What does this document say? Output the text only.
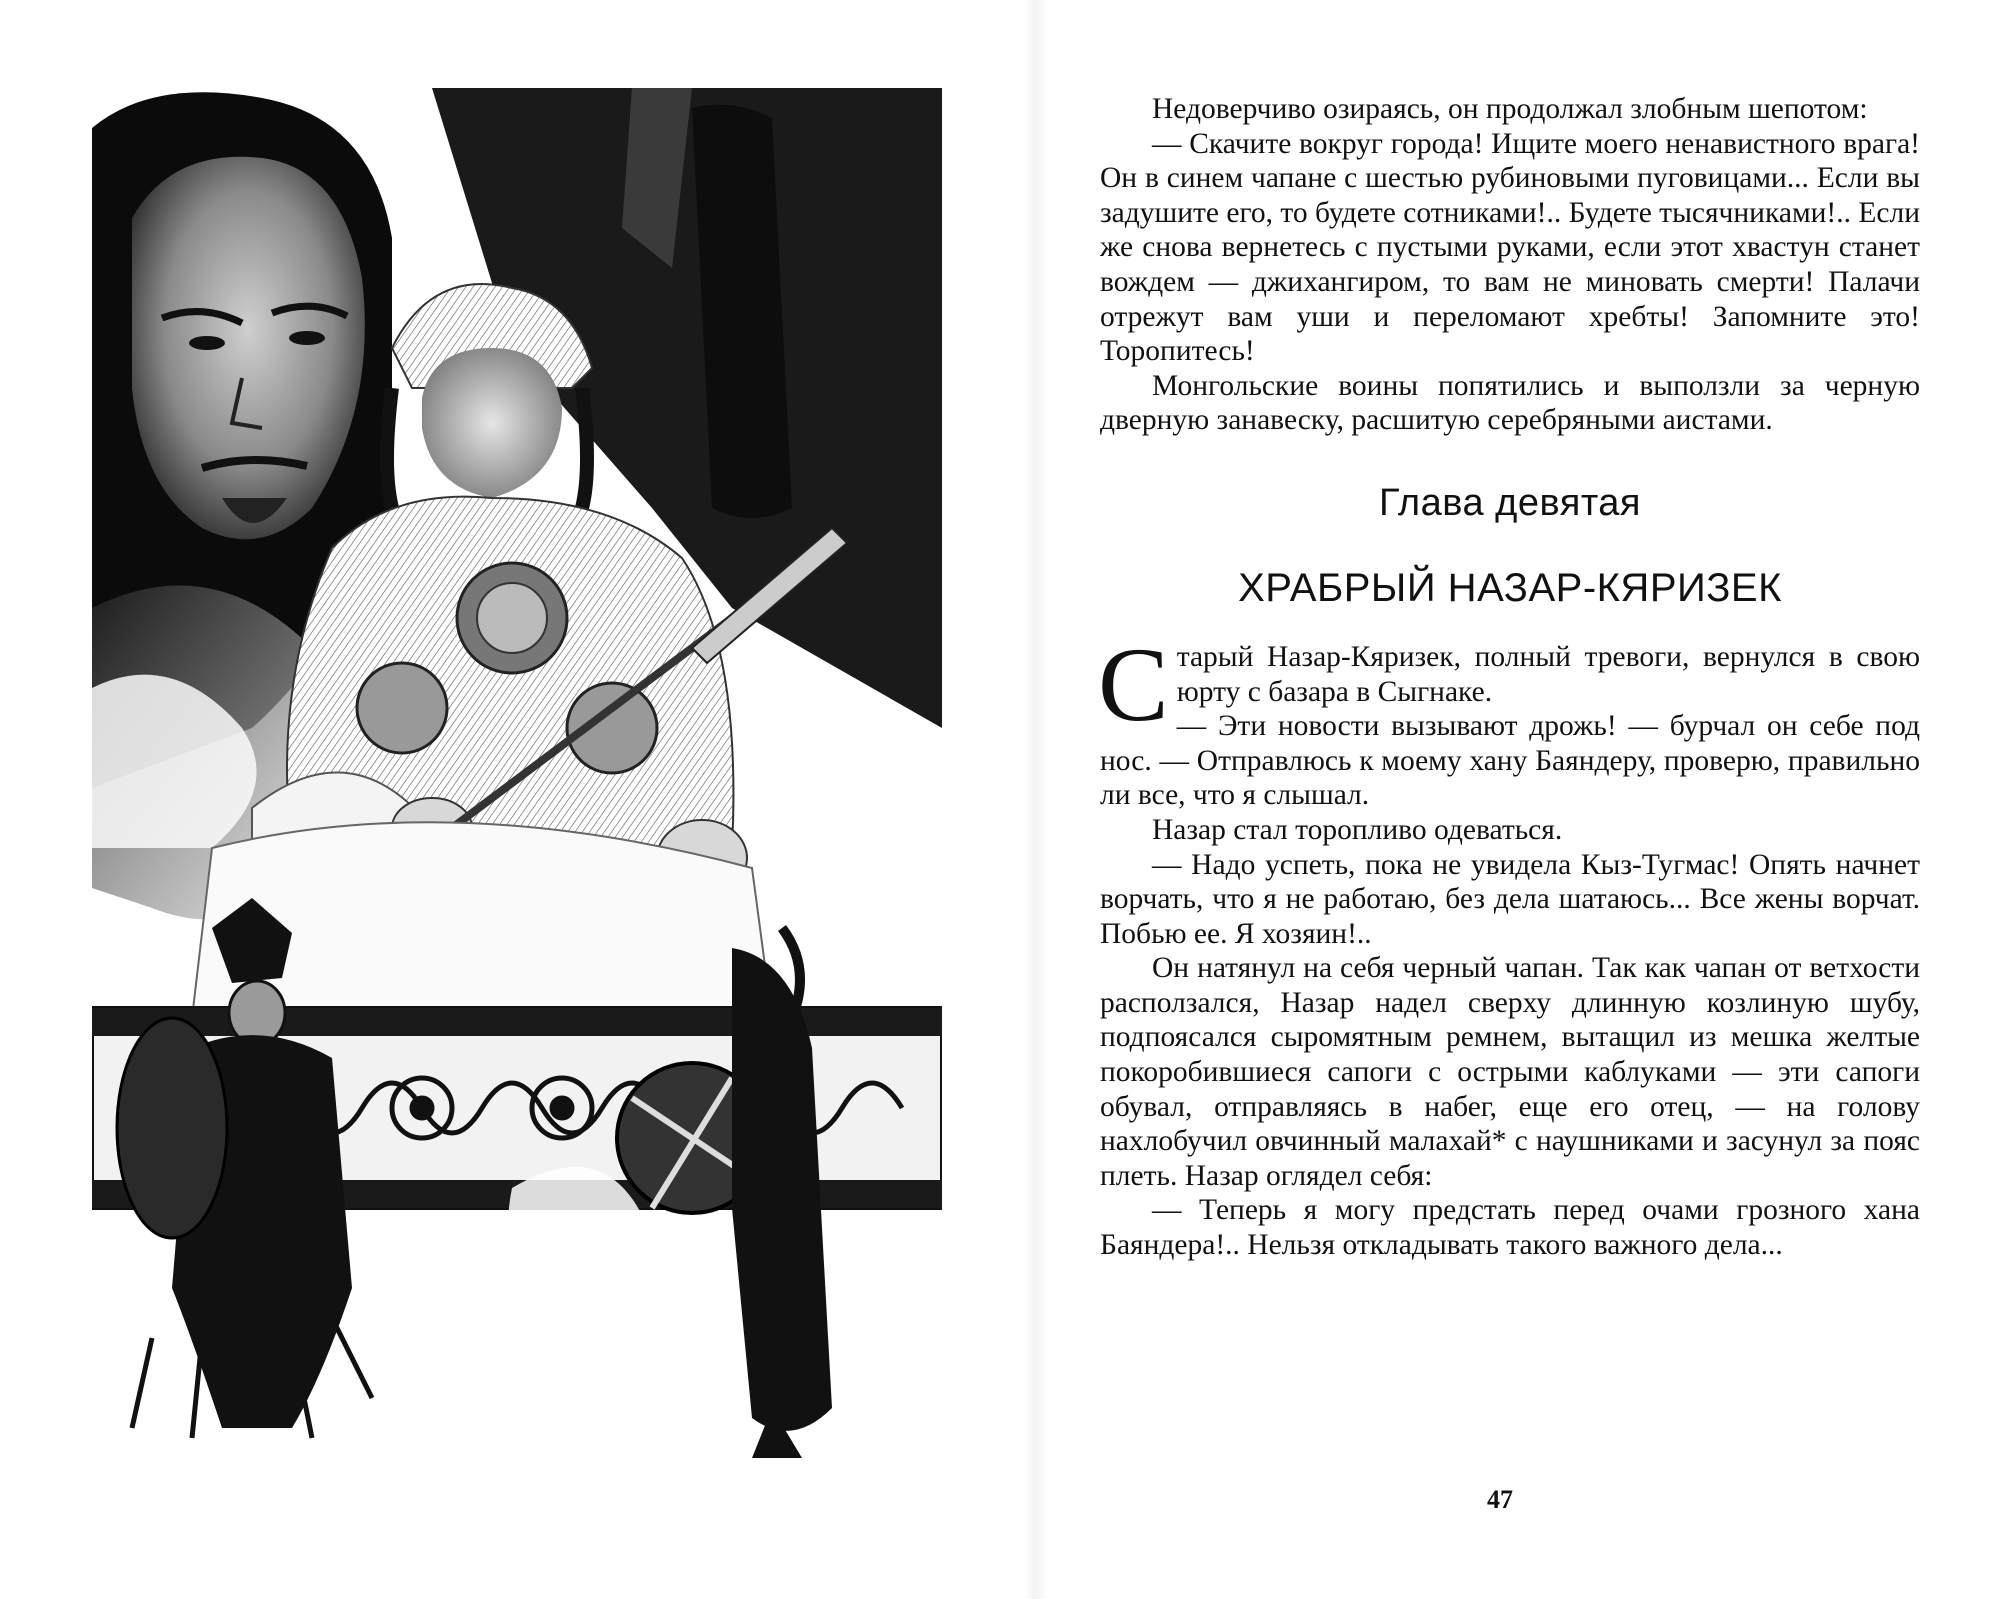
Недоверчиво озираясь, он продолжал злобным шепотом:

— Скачите вокруг города! Ищите моего ненавистного врага! Он в синем чапане с шестью рубиновыми пуговицами... Если вы задушите его, то будете сотниками!.. Будете тысячниками!.. Если же снова вернетесь с пустыми руками, если этот хвастун станет вождем — джихангиром, то вам не миновать смерти! Палачи отрежут вам уши и переломают хребты! Запомните это! Торопитесь!

Монгольские воины попятились и выползли за черную дверную занавеску, расшитую серебряными аистами.

Глава девятая
ХРАБРЫЙ НАЗАР-КЯРИЗЕК

Старый Назар-Кяризек, полный тревоги, вернулся в свою юрту с базара в Сыгнаке.

— Эти новости вызывают дрожь! — бурчал он себе под нос. — Отправлюсь к моему хану Баяндеру, проверю, правильно ли все, что я слышал.

Назар стал торопливо одеваться.

— Надо успеть, пока не увидела Кыз-Тугмас! Опять начнет ворчать, что я не работаю, без дела шатаюсь... Все жены ворчат. Побью ее. Я хозяин!..

Он натянул на себя черный чапан. Так как чапан от ветхости расползался, Назар надел сверху длинную козлиную шубу, подпоясался сыромятным ремнем, вытащил из мешка желтые покоробившиеся сапоги с острыми каблуками — эти сапоги обувал, отправляясь в набег, еще его отец, — на голову нахлобучил овчинный малахай* с наушниками и засунул за пояс плеть. Назар оглядел себя:

— Теперь я могу предстать перед очами грозного хана Баяндера!.. Нельзя откладывать такого важного дела...

47
